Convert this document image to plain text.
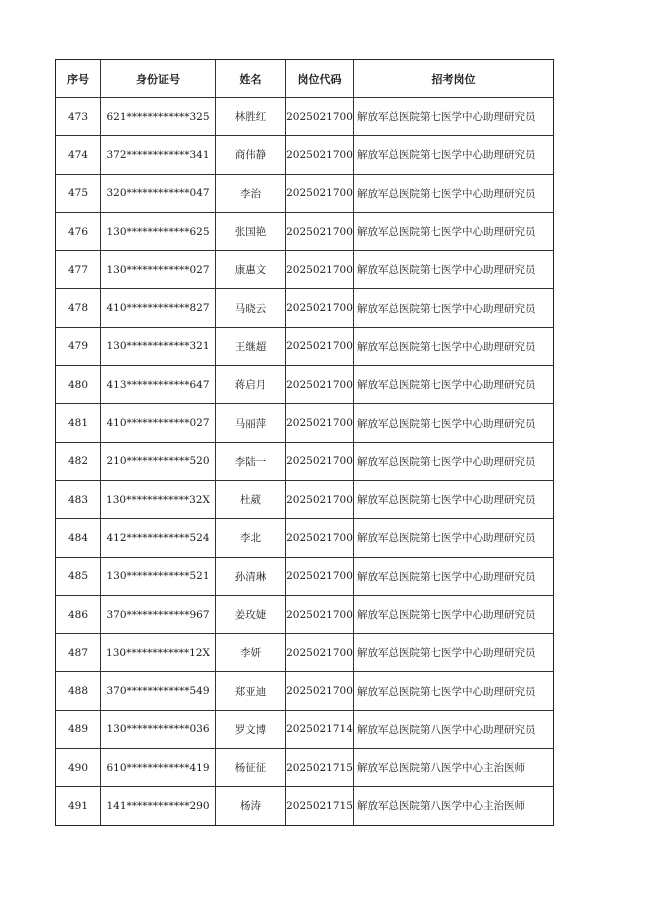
序号	身份证号	姓名	岗位代码	招考岗位
473	621************325	林胜红	2025021700	解放军总医院第七医学中心助理研究员
474	372************341	商伟静	2025021700	解放军总医院第七医学中心助理研究员
475	320************047	李治	2025021700	解放军总医院第七医学中心助理研究员
476	130************625	张国艳	2025021700	解放军总医院第七医学中心助理研究员
477	130************027	康惠文	2025021700	解放军总医院第七医学中心助理研究员
478	410************827	马晓云	2025021700	解放军总医院第七医学中心助理研究员
479	130************321	王继超	2025021700	解放军总医院第七医学中心助理研究员
480	413************647	蒋启月	2025021700	解放军总医院第七医学中心助理研究员
481	410************027	马丽萍	2025021700	解放军总医院第七医学中心助理研究员
482	210************520	李陆一	2025021700	解放军总医院第七医学中心助理研究员
483	130************32X	杜葳	2025021700	解放军总医院第七医学中心助理研究员
484	412************524	李北	2025021700	解放军总医院第七医学中心助理研究员
485	130************521	孙清琳	2025021700	解放军总医院第七医学中心助理研究员
486	370************967	姜玫婕	2025021700	解放军总医院第七医学中心助理研究员
487	130************12X	李妍	2025021700	解放军总医院第七医学中心助理研究员
488	370************549	郑亚迪	2025021700	解放军总医院第七医学中心助理研究员
489	130************036	罗文博	2025021714	解放军总医院第八医学中心助理研究员
490	610************419	杨征征	2025021715	解放军总医院第八医学中心主治医师
491	141************290	杨涛	2025021715	解放军总医院第八医学中心主治医师
